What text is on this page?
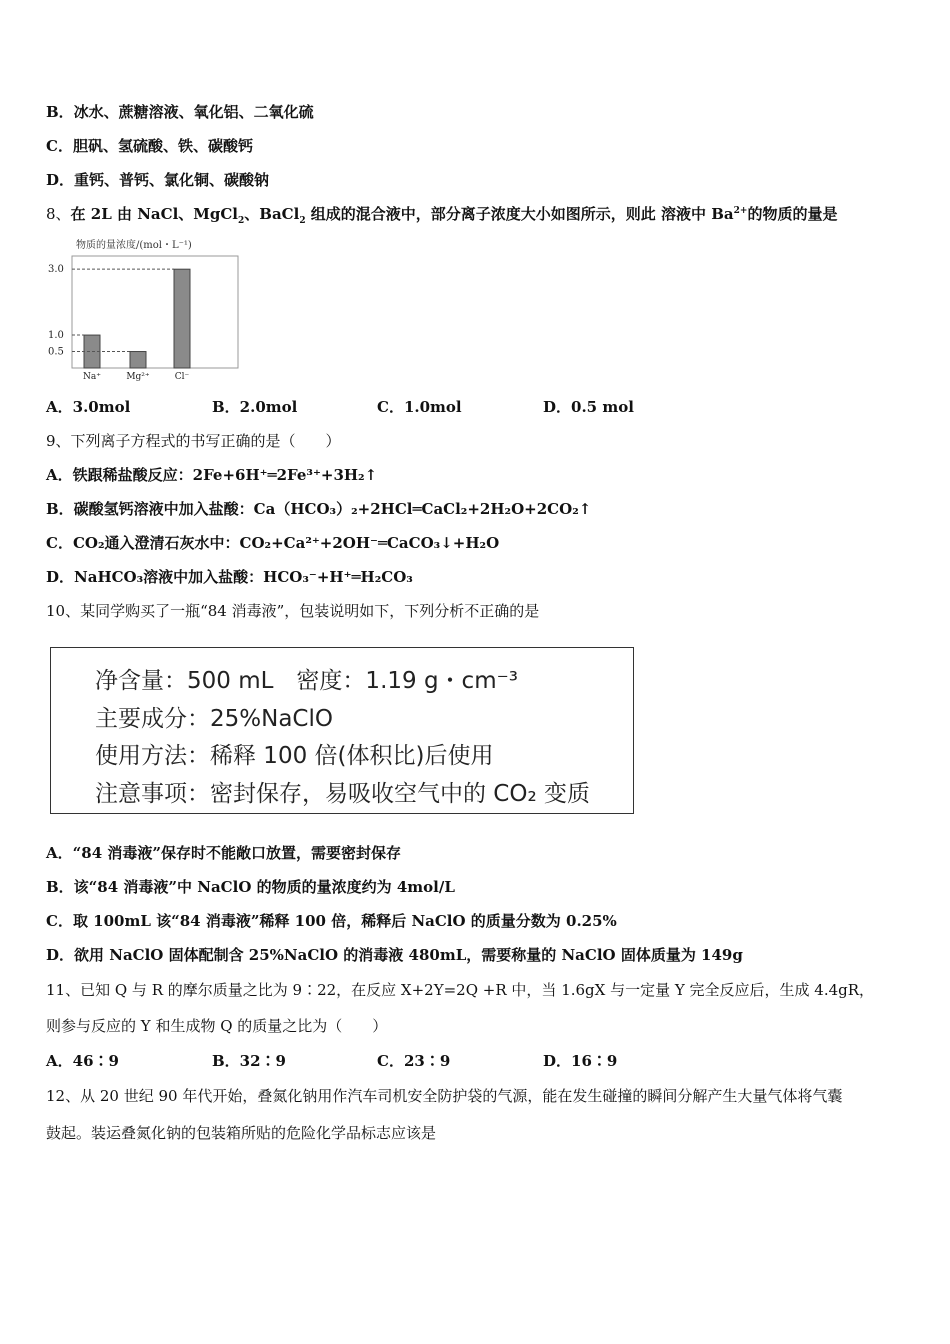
B．冰水、蔗糖溶液、氧化铝、二氧化硫
C．胆矾、氢硫酸、铁、碳酸钙
D．重钙、普钙、氯化铜、碳酸钠
8、在 2L 由 NaCl、MgCl$_2$、BaCl$_2$ 组成的混合液中，部分离子浓度大小如图所示，则此 溶液中 $Ba^{2+}$的物质的量是
物质的量浓度/(mol・L⁻¹)
0.5
1.0
3.0
Na⁺	Mg²⁺	Cl⁻
A．3.0mol	B．2.0mol	C．1.0mol	D．0.5 mol
9、下列离子方程式的书写正确的是（　　）
A．铁跟稀盐酸反应：2Fe+6H⁺═2Fe³⁺+3H₂↑
B．碳酸氢钙溶液中加入盐酸：Ca（HCO₃）₂+2HCl═CaCl₂+2H₂O+2CO₂↑
C．CO₂通入澄清石灰水中：CO₂+Ca²⁺+2OH⁻═CaCO₃↓+H₂O
D．NaHCO₃溶液中加入盐酸：HCO₃⁻+H⁺═H₂CO₃
10、某同学购买了一瓶“84 消毒液”，包装说明如下，下列分析不正确的是
净含量：500 mL　密度：1.19 g・cm⁻³
主要成分：25%NaClO
使用方法：稀释 100 倍(体积比)后使用
注意事项：密封保存，易吸收空气中的 CO₂ 变质
A．“84 消毒液”保存时不能敞口放置，需要密封保存
B．该“84 消毒液”中 NaClO 的物质的量浓度约为 4mol/L
C．取 100mL 该“84 消毒液”稀释 100 倍，稀释后 NaClO 的质量分数为 0.25%
D．欲用 NaClO 固体配制含 25%NaClO 的消毒液 480mL，需要称量的 NaClO 固体质量为 149g
11、已知 Q 与 R 的摩尔质量之比为 9∶22，在反应 X+2Y=2Q +R 中，当 1.6gX 与一定量 Y 完全反应后，生成 4.4gR，
则参与反应的 Y 和生成物 Q 的质量之比为（　　）
A．46∶9	B．32∶9	C．23∶9	D．16∶9
12、从 20 世纪 90 年代开始，叠氮化钠用作汽车司机安全防护袋的气源，能在发生碰撞的瞬间分解产生大量气体将气囊
鼓起。装运叠氮化钠的包装箱所贴的危险化学品标志应该是
